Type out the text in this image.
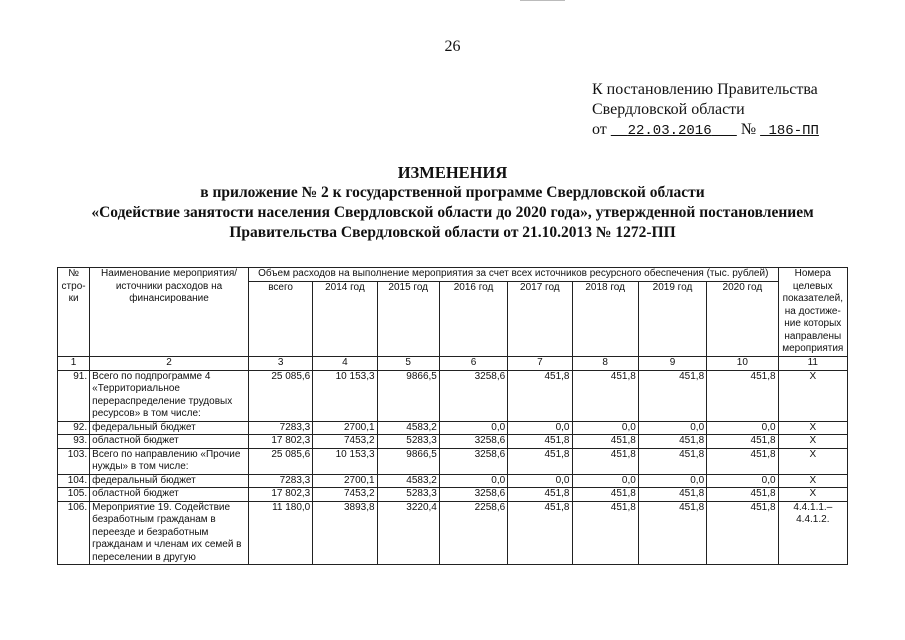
26
К постановлению Правительства
Свердловской области
от 22.03.2016 № 186-ПП
ИЗМЕНЕНИЯ
в приложение № 2 к государственной программе Свердловской области
«Содействие занятости населения Свердловской области до 2020 года», утвержденной постановлением
Правительства Свердловской области от 21.10.2013 № 1272-ПП
№ стро- ки	Наименование мероприятия/ источники расходов на финансирование	Объем расходов на выполнение мероприятия за счет всех источников ресурсного обеспечения (тыс. рублей)								Номера целевых показателей, на достиже- ние которых направлены мероприятия
		всего	2014 год	2015 год	2016 год	2017 год	2018 год	2019 год	2020 год	
1	2	3	4	5	6	7	8	9	10	11
91.	Всего по подпрограмме 4 «Территориальное перераспределение трудовых ресурсов» в том числе:	25 085,6	10 153,3	9866,5	3258,6	451,8	451,8	451,8	451,8	Х
92.	федеральный бюджет	7283,3	2700,1	4583,2	0,0	0,0	0,0	0,0	0,0	Х
93.	областной бюджет	17 802,3	7453,2	5283,3	3258,6	451,8	451,8	451,8	451,8	Х
103.	Всего по направлению «Прочие нужды» в том числе:	25 085,6	10 153,3	9866,5	3258,6	451,8	451,8	451,8	451,8	Х
104.	федеральный бюджет	7283,3	2700,1	4583,2	0,0	0,0	0,0	0,0	0,0	Х
105.	областной бюджет	17 802,3	7453,2	5283,3	3258,6	451,8	451,8	451,8	451,8	Х
106.	Мероприятие 19. Содействие безработным гражданам в переезде и безработным гражданам и членам их семей в переселении в другую	11 180,0	3893,8	3220,4	2258,6	451,8	451,8	451,8	451,8	4.4.1.1.– 4.4.1.2.
